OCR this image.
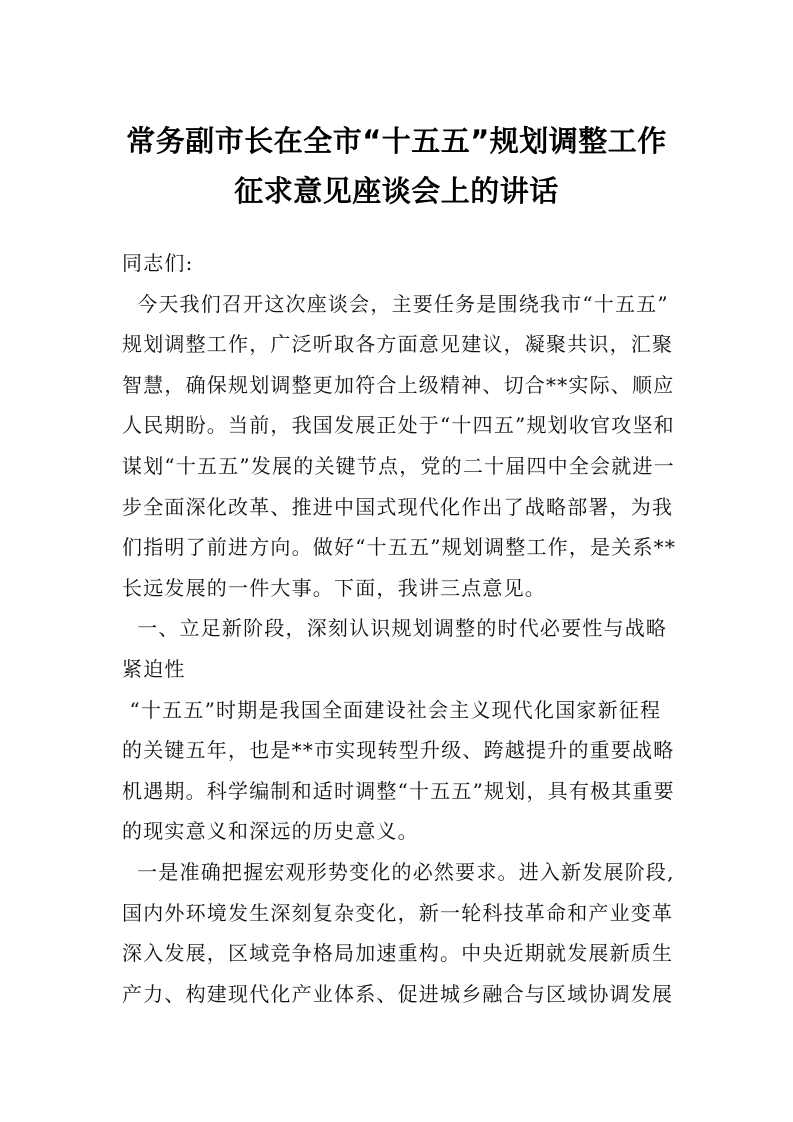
常务副市长在全市“十五五”规划调整工作
征求意见座谈会上的讲话
同志们:
今天我们召开这次座谈会，主要任务是围绕我市“十五五”
规划调整工作，广泛听取各方面意见建议，凝聚共识，汇聚
智慧，确保规划调整更加符合上级精神、切合**实际、顺应
人民期盼。当前，我国发展正处于“十四五”规划收官攻坚和
谋划“十五五”发展的关键节点，党的二十届四中全会就进一
步全面深化改革、推进中国式现代化作出了战略部署，为我
们指明了前进方向。做好“十五五”规划调整工作，是关系**
长远发展的一件大事。下面，我讲三点意见。
一、立足新阶段，深刻认识规划调整的时代必要性与战略
紧迫性
“十五五”时期是我国全面建设社会主义现代化国家新征程
的关键五年，也是**市实现转型升级、跨越提升的重要战略
机遇期。科学编制和适时调整“十五五”规划，具有极其重要
的现实意义和深远的历史意义。
一是准确把握宏观形势变化的必然要求。进入新发展阶段,
国内外环境发生深刻复杂变化，新一轮科技革命和产业变革
深入发展，区域竞争格局加速重构。中央近期就发展新质生
产力、构建现代化产业体系、促进城乡融合与区域协调发展
